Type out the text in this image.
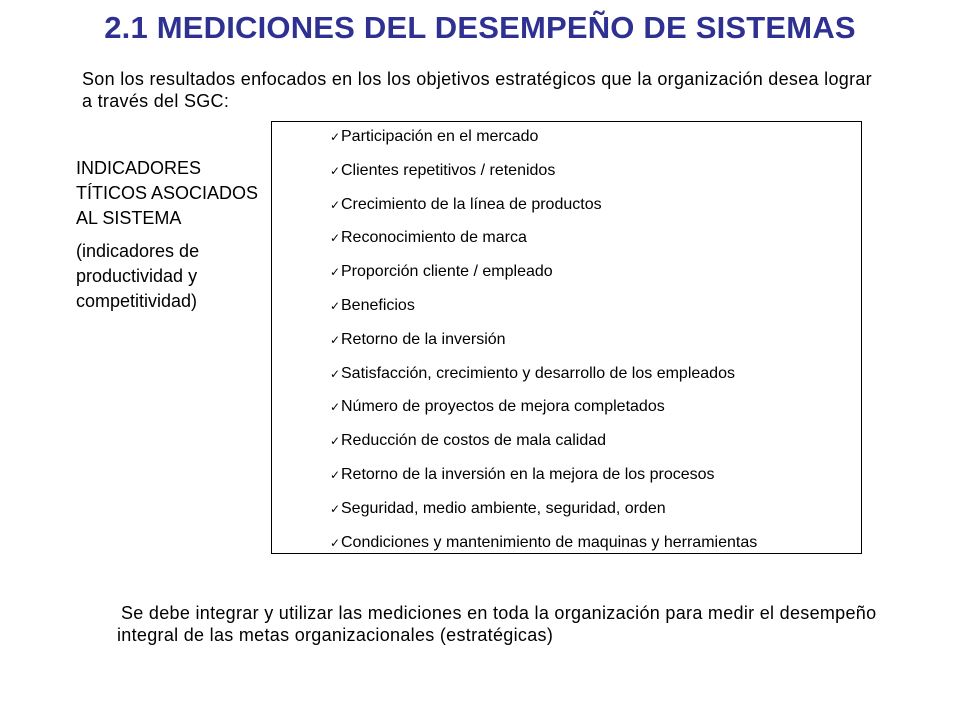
2.1 MEDICIONES DEL DESEMPEÑO DE SISTEMAS
Son los resultados enfocados en los los objetivos estratégicos que la organización desea lograr a través del SGC:

INDICADORES TÍTICOS ASOCIADOS AL SISTEMA

(indicadores de productividad y competitividad)

✓ Participación en el mercado
✓ Clientes repetitivos / retenidos
✓ Crecimiento de la línea de productos
✓ Reconocimiento de marca
✓ Proporción cliente / empleado
✓ Beneficios
✓ Retorno de la inversión
✓ Satisfacción, crecimiento y desarrollo de los empleados
✓ Número de proyectos de mejora completados
✓ Reducción de costos de mala calidad
✓ Retorno de la inversión en la mejora de los procesos
✓ Seguridad, medio ambiente, seguridad, orden
✓ Condiciones y mantenimiento de maquinas y herramientas
Se debe integrar y utilizar las mediciones en toda la organización para medir el desempeño integral de las metas organizacionales (estratégicas)
